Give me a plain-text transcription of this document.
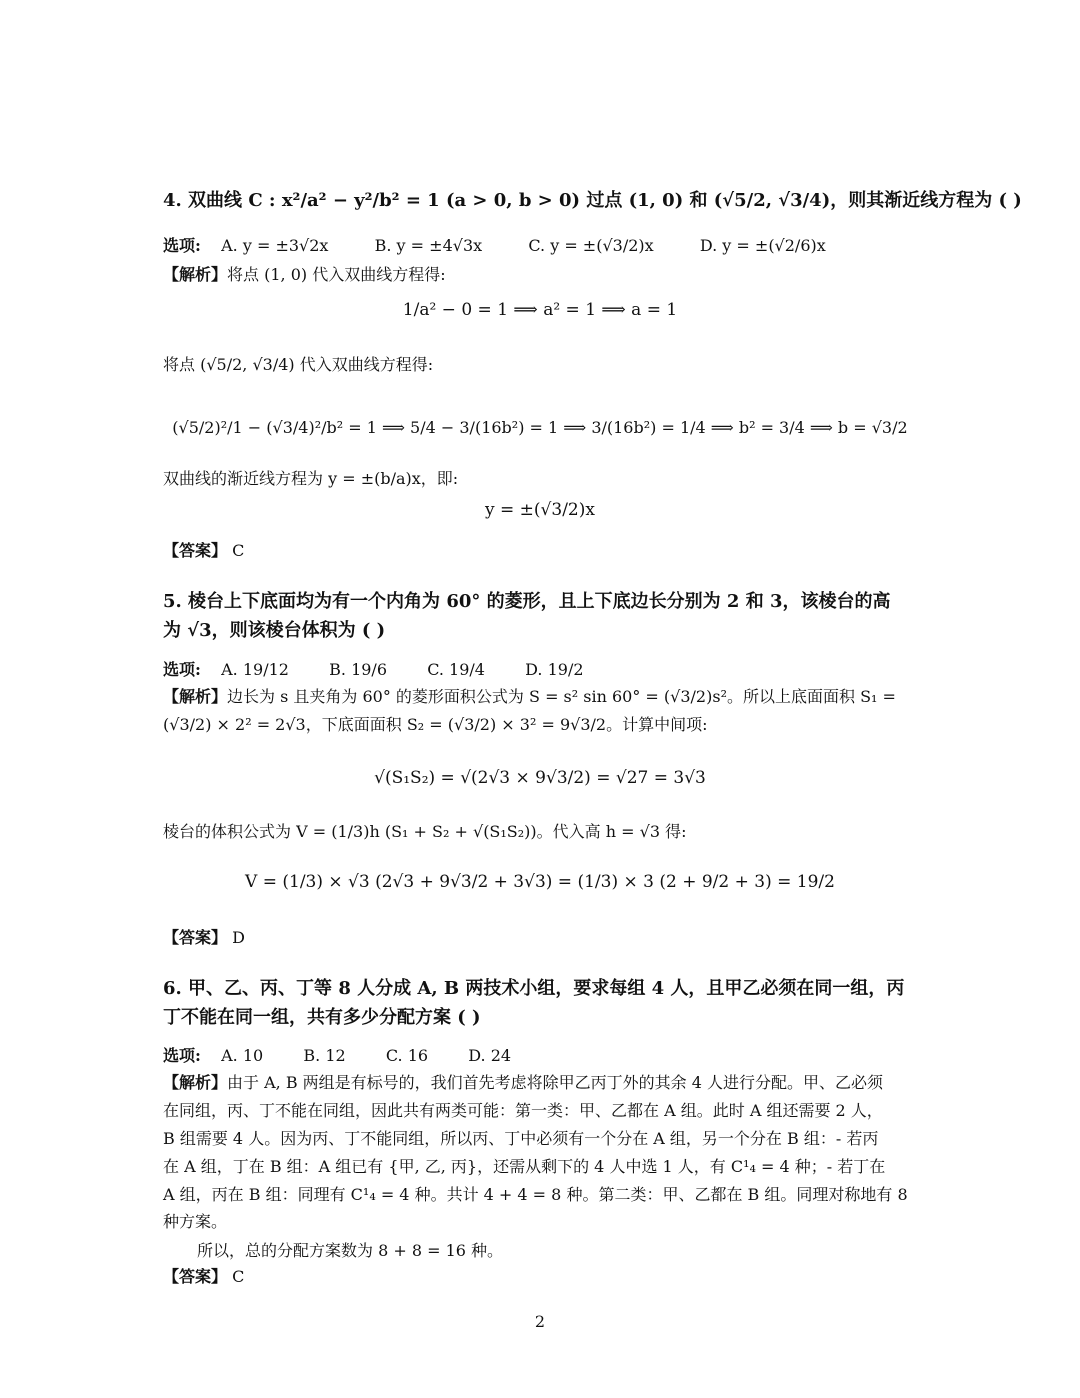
4. 双曲线 C : x²/a² − y²/b² = 1 (a > 0, b > 0) 过点 (1, 0) 和 (√5/2, √3/4)，则其渐近线方程为 ( )
选项: A. y = ±3√2x	B. y = ±4√3x	C. y = ±(√3/2)x	D. y = ±(√2/6)x
【解析】将点 (1, 0) 代入双曲线方程得:
1/a² − 0 = 1 ⟹ a² = 1 ⟹ a = 1
将点 (√5/2, √3/4) 代入双曲线方程得:
(√5/2)²/1 − (√3/4)²/b² = 1 ⟹ 5/4 − 3/(16b²) = 1 ⟹ 3/(16b²) = 1/4 ⟹ b² = 3/4 ⟹ b = √3/2
双曲线的渐近线方程为 y = ±(b/a)x，即:
y = ±(√3/2)x
【答案】 C
5. 棱台上下底面均为有一个内角为 60° 的菱形，且上下底边长分别为 2 和 3，该棱台的高
为 √3，则该棱台体积为 ( )
选项: A. 19/12	B. 19/6	C. 19/4	D. 19/2
【解析】边长为 s 且夹角为 60° 的菱形面积公式为 S = s² sin 60° = (√3/2)s²。所以上底面面积 S₁ =
(√3/2) × 2² = 2√3，下底面面积 S₂ = (√3/2) × 3² = 9√3/2。计算中间项:
√(S₁S₂) = √(2√3 × 9√3/2) = √27 = 3√3
棱台的体积公式为 V = (1/3)h (S₁ + S₂ + √(S₁S₂))。代入高 h = √3 得:
V = (1/3) × √3 (2√3 + 9√3/2 + 3√3) = (1/3) × 3 (2 + 9/2 + 3) = 19/2
【答案】 D
6. 甲、乙、丙、丁等 8 人分成 A, B 两技术小组，要求每组 4 人，且甲乙必须在同一组，丙
丁不能在同一组，共有多少分配方案 ( )
选项: A. 10	B. 12	C. 16	D. 24
【解析】由于 A, B 两组是有标号的，我们首先考虑将除甲乙丙丁外的其余 4 人进行分配。甲、乙必须
在同组，丙、丁不能在同组，因此共有两类可能：第一类：甲、乙都在 A 组。此时 A 组还需要 2 人，
B 组需要 4 人。因为丙、丁不能同组，所以丙、丁中必须有一个分在 A 组，另一个分在 B 组：- 若丙
在 A 组，丁在 B 组：A 组已有 {甲, 乙, 丙}，还需从剩下的 4 人中选 1 人，有 C¹₄ = 4 种；- 若丁在
A 组，丙在 B 组：同理有 C¹₄ = 4 种。共计 4 + 4 = 8 种。第二类：甲、乙都在 B 组。同理对称地有 8
种方案。
所以，总的分配方案数为 8 + 8 = 16 种。
【答案】 C
2
